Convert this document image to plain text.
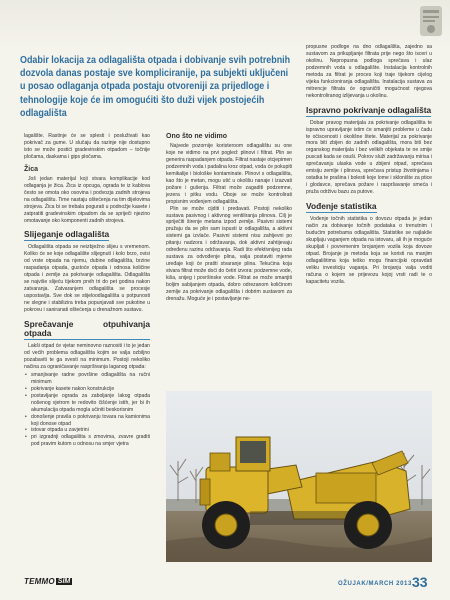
Odabir lokacija za odlagališta otpada i dobivanje svih potrebnih dozvola danas postaje sve kompliciranije, pa subjekti uključeni u posao odlaganja otpada postaju otvoreniji za prijedloge i tehnologije koje će im omogućiti što duži vijek postojećih odlagališta

lagalište. Rastinje će se splesti i posluživati kao pokrivač za gume. U slučaju da razinje nije dostupno isto se može postići gradevinskim otpadom – točnije pločama, daskama i gips pločama.

Žica

Još jedan materijal koji stvara komplikacije kod odlaganja je žica. Žica iz opcuga, ograda te iz kablova često se omota oko osovina i podvozja zadnih strojeva na odlagalištu. Time nastaju oštećenja na tim dijelovima strojeva. Žica bi se trebala pogurati u podnožje kasete i zatpratiti gradevinskim otpadom da se spriječi njezino omotavanje oko komponenti zadnih strojeva.

Slijeganje odlagališta

Odlagališta otpada se neizbježno slijeu s vremenom. Koliko će se koje odlagalište slijegnuti i kolo brzo, ovisi od vrste otpada na njemu, dubine odlagališta, brzine raspadanja otpada, gustoće otpada i odnosa količine otpada i zemlje za pokrivanje odlagališta. Odlagališta se najviše slijeću tijekom prvih tri do pet godina nakon zatvaranja. Zatvaranjem odlagališta se procesje uspostavlja. Sve dok se stijeloodlagališta u potpunosti ne slegne i stabilizira treba popunjavati sve pukotine u pokrovu i saniranati oštećenja u drenažnom sustavu.

Sprečavanje otpuhivanja otpada

Lakši otpad će vjetar neminovno raznositi i to je jedan od većih problema odlagališta kojim se valja ozbiljno pozabaviti te ga svesti na minimum. Postoji nekoliko načina za ograničavanje raspršivanja laganog otpada:

• smanjivanje radne površine odlagališta na ručni minimum
• pokrivanje kasete nakon konstrukcije
• postavljanje ograda za zaboljanje lakog otpada nošenog vjetrom te redovito čišćenje istih, jer bi ih akumulacija otpada mogla učiniti beskorisnim
• donošenje pravila o pokrivanju tovara na kamionima koji donose otpad
• istovar otpada u zavjetrini
• pri izgradnji odlagališta s zmovima, zvavre graditi pod pravim kutom u odnosu na smjer vjetra
Ono što ne vidimo

Najvede pozornije koristeroom odlagalištu su one koje ne vidimo na prvi pogled: plinovi i filtrat. Plin se generira raspadanjem otpada. Filtrat nastaje otcjepimen podzemnih voda i padalina kroz otpad, voda će pokupiti kemikalije i biološke kontaminate. Plinovi s odlagališta, kao što je metan, mogu utić u okolišu nanaje i izazvati požare i gušenja. Filtrat može zagaditi podzemne, jezera i pitku vodu. Oboje se može kontrolirati propisnim vođenjem odlagališta.

Plin se može cijditi i predavati. Postoji nekoliko sustava pasivnog i aktivnog ventiliranja plinova. Cilj je spriječiti širenje metana izpod zemlje. Pasivni sistemi pružaju da se plin sam ispusti iz odlagališta, a aktivni sistemi ga izvlače. Pasivni sistemi nisu zahtjevni po pitanju nadzora i održavanja, dok aktivni zahtijevaju određenu razinu održavanja. Radi što efektivnijeg rada sustava za odvođenje plina, valja postaviti mjerne uređaje koji će pratiti stvaranje plina. Tekućina koja stvara filtrat može doći do četiri izvora: podzemne vode, kiša, snijeg i površinske vode. Filtrat se može smanjiti boljim sabijanjem otpada, dobro odrezanom količinom zemlje za pokrivanje odlagališta i dobrim sustavom za drenažu. Moguće je i postavljanje ne-

propusne podloge na dno odlagališta, zajedno sa sustavom za prikupljanje filtrata prije nego što isceri u okolinu. Nepropusna podloga sprečava i ulaz podzemnih voda u odlagalište. Instalacija kontrolnih metoda za filtrat je proces koji traje tijekom cijelog vijeka funkcioniranja odlagališta. Instalacija sustava za mitrencje filtrata će ograničiti mogućnost njegova nekontroliranog izlijevanja u okolinu.

Ispravno pokrivanje odlagališta

Dobar pravog materijala za pokrivanje odlagališta te ispravno upravljanje istim će smanjiti probleme u čadu te očiscenosti i okolišne štete. Materijal za pokrivanje mora biti zbijen do zadnih odlagališta, mora biti bez organskog materijala i bez velikih objekata te ne smije puscati kada se osuši. Pokrov služi zadržavanju mirisa i sprečavanju ulaska vode u zbijeni otpad, sprečava emisiju zemlje i plinova, sprečava pristup životinjama i ostatka te prašina i bolesti koje lome i sklonište za ptice i glodavce, sprečava požare i raspršavanje smeća i pruža održivu bazu za putove.

Vođenje statistika

Vođenje točnih statistika o dovozu otpada je jedan način za dobivanje točnih podataka o trenutnim i budućim potrebama odlagališta. Statistike se najlakše skupljaju vaganjem otpada na istovaru, ali ih je moguće skupljati i povremenim brojanjem vozila koja dovoze otpad. Brojanje je metoda koja se koristi na manjim odlagalištima koja teško mogu financijski opravdati veliku investiciju vaganja. Pri brojanju valja voditi računa o kojem se prijevozu kojoj vrsti radi te o kapacitetu vozila.

TEMMO SIM	OŽUJAK/MARCH 2013.
33
